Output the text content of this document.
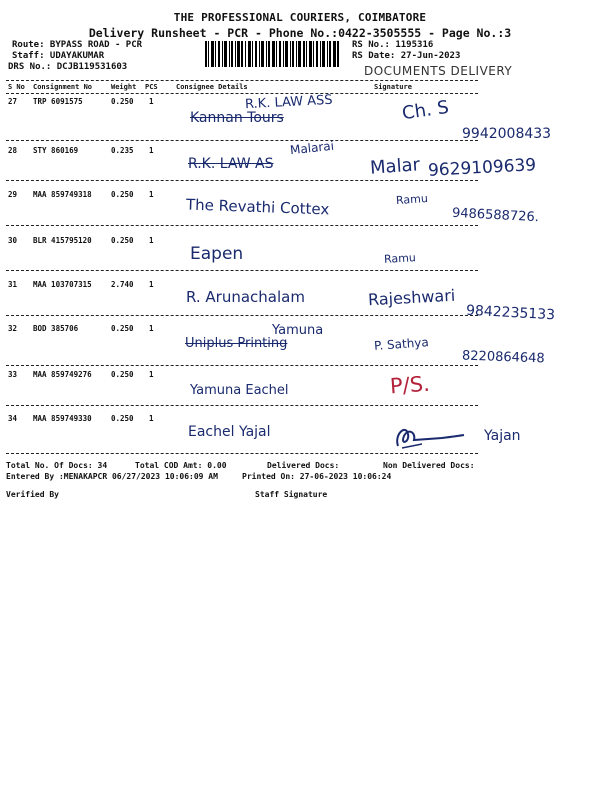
THE PROFESSIONAL COURIERS, COIMBATORE
Delivery Runsheet - PCR - Phone No.:0422-3505555 - Page No.:3
Route: BYPASS ROAD - PCR
Staff: UDAYAKUMAR
DRS No.: DCJB119531603
RS No.: 1195316
RS Date: 27-Jun-2023
DOCUMENTS DELIVERY
S No Consignment No	Weight PCS	Consignee Details	Signature
27 TRP 6091575	0.250 1	R.K. LAW ASS
Kannan Tours	Ch. S
9942008433
28 STY 860169	0.235 1	Malarai
R.K. LAW AS	Malar 9629109639
29 MAA 859749318	0.250 1
The Revathi Cottex	Ramu
9486588726.
30 BLR 415795120	0.250 1
Eapen	Ramu
31 MAA 103707315	2.740 1
R. Arunachalam	Rajeshwari
9842235133
32 BOD 385706	0.250 1	Yamuna
Uniplus Printing	P. Sathya
8220864648
33 MAA 859749276	0.250 1
Yamuna Eachel	P/S.
34 MAA 859749330	0.250 1
Eachel Yajal	Yajan
Total No. Of Docs: 34	Total COD Amt: 0.00	Delivered Docs:	Non Delivered Docs:
Entered By :MENAKAPCR 06/27/2023 10:06:09 AM	Printed On: 27-06-2023 10:06:24
Verified By	Staff Signature
